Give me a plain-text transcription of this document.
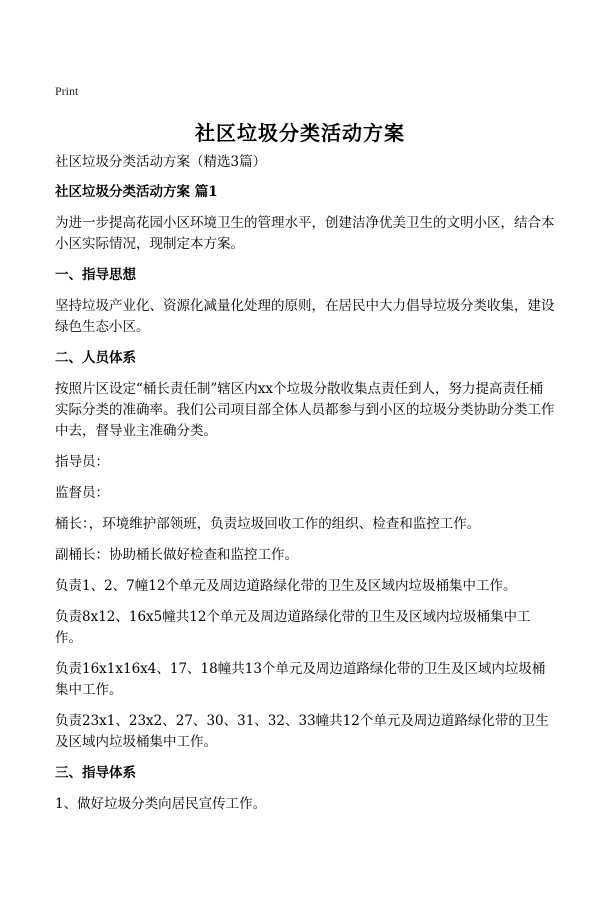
Print
社区垃圾分类活动方案

社区垃圾分类活动方案（精选3篇）

社区垃圾分类活动方案 篇1

为进一步提高花园小区环境卫生的管理水平，创建洁净优美卫生的文明小区，结合本小区实际情况，现制定本方案。

一、指导思想

坚持垃圾产业化、资源化减量化处理的原则，在居民中大力倡导垃圾分类收集，建设绿色生态小区。

二、人员体系

按照片区设定“桶长责任制”辖区内xx个垃圾分散收集点责任到人，努力提高责任桶实际分类的准确率。我们公司项目部全体人员都参与到小区的垃圾分类协助分类工作中去，督导业主准确分类。

指导员：

监督员：

桶长：，环境维护部领班，负责垃圾回收工作的组织、检查和监控工作。

副桶长：协助桶长做好检查和监控工作。

负责1、2、7幢12个单元及周边道路绿化带的卫生及区域内垃圾桶集中工作。

负责8x12、16x5幢共12个单元及周边道路绿化带的卫生及区域内垃圾桶集中工作。

负责16x1x16x4、17、18幢共13个单元及周边道路绿化带的卫生及区域内垃圾桶集中工作。

负责23x1、23x2、27、30、31、32、33幢共12个单元及周边道路绿化带的卫生及区域内垃圾桶集中工作。

三、指导体系

1、做好垃圾分类向居民宣传工作。
